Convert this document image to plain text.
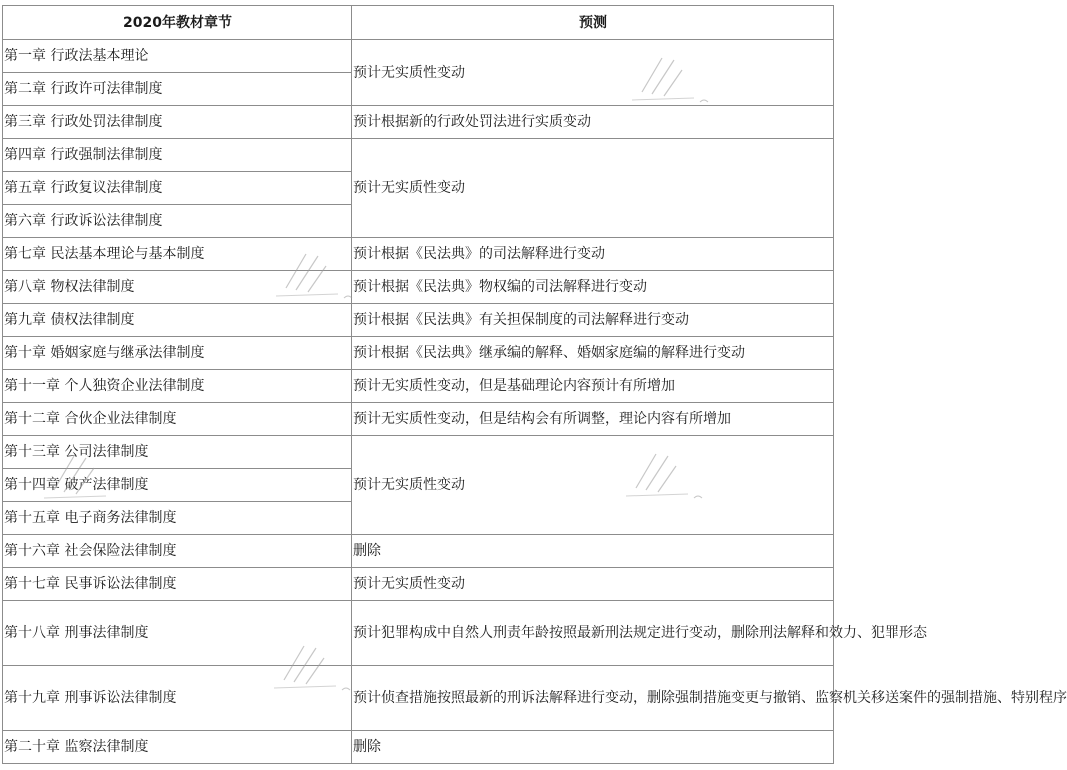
2020年教材章节	预测
第一章 行政法基本理论	预计无实质性变动
第二章 行政许可法律制度	
第三章 行政处罚法律制度	预计根据新的行政处罚法进行实质变动
第四章 行政强制法律制度	预计无实质性变动
第五章 行政复议法律制度	
第六章 行政诉讼法律制度	
第七章 民法基本理论与基本制度	预计根据《民法典》的司法解释进行变动
第八章 物权法律制度	预计根据《民法典》物权编的司法解释进行变动
第九章 债权法律制度	预计根据《民法典》有关担保制度的司法解释进行变动
第十章 婚姻家庭与继承法律制度	预计根据《民法典》继承编的解释、婚姻家庭编的解释进行变动
第十一章 个人独资企业法律制度	预计无实质性变动，但是基础理论内容预计有所增加
第十二章 合伙企业法律制度	预计无实质性变动，但是结构会有所调整，理论内容有所增加
第十三章 公司法律制度	预计无实质性变动
第十四章 破产法律制度	
第十五章 电子商务法律制度	
第十六章 社会保险法律制度	删除
第十七章 民事诉讼法律制度	预计无实质性变动
第十八章 刑事法律制度	预计犯罪构成中自然人刑责年龄按照最新刑法规定进行变动，删除刑法解释和效力、犯罪形态
第十九章 刑事诉讼法律制度	预计侦查措施按照最新的刑诉法解释进行变动，删除强制措施变更与撤销、监察机关移送案件的强制措施、特别程序
第二十章 监察法律制度	删除
